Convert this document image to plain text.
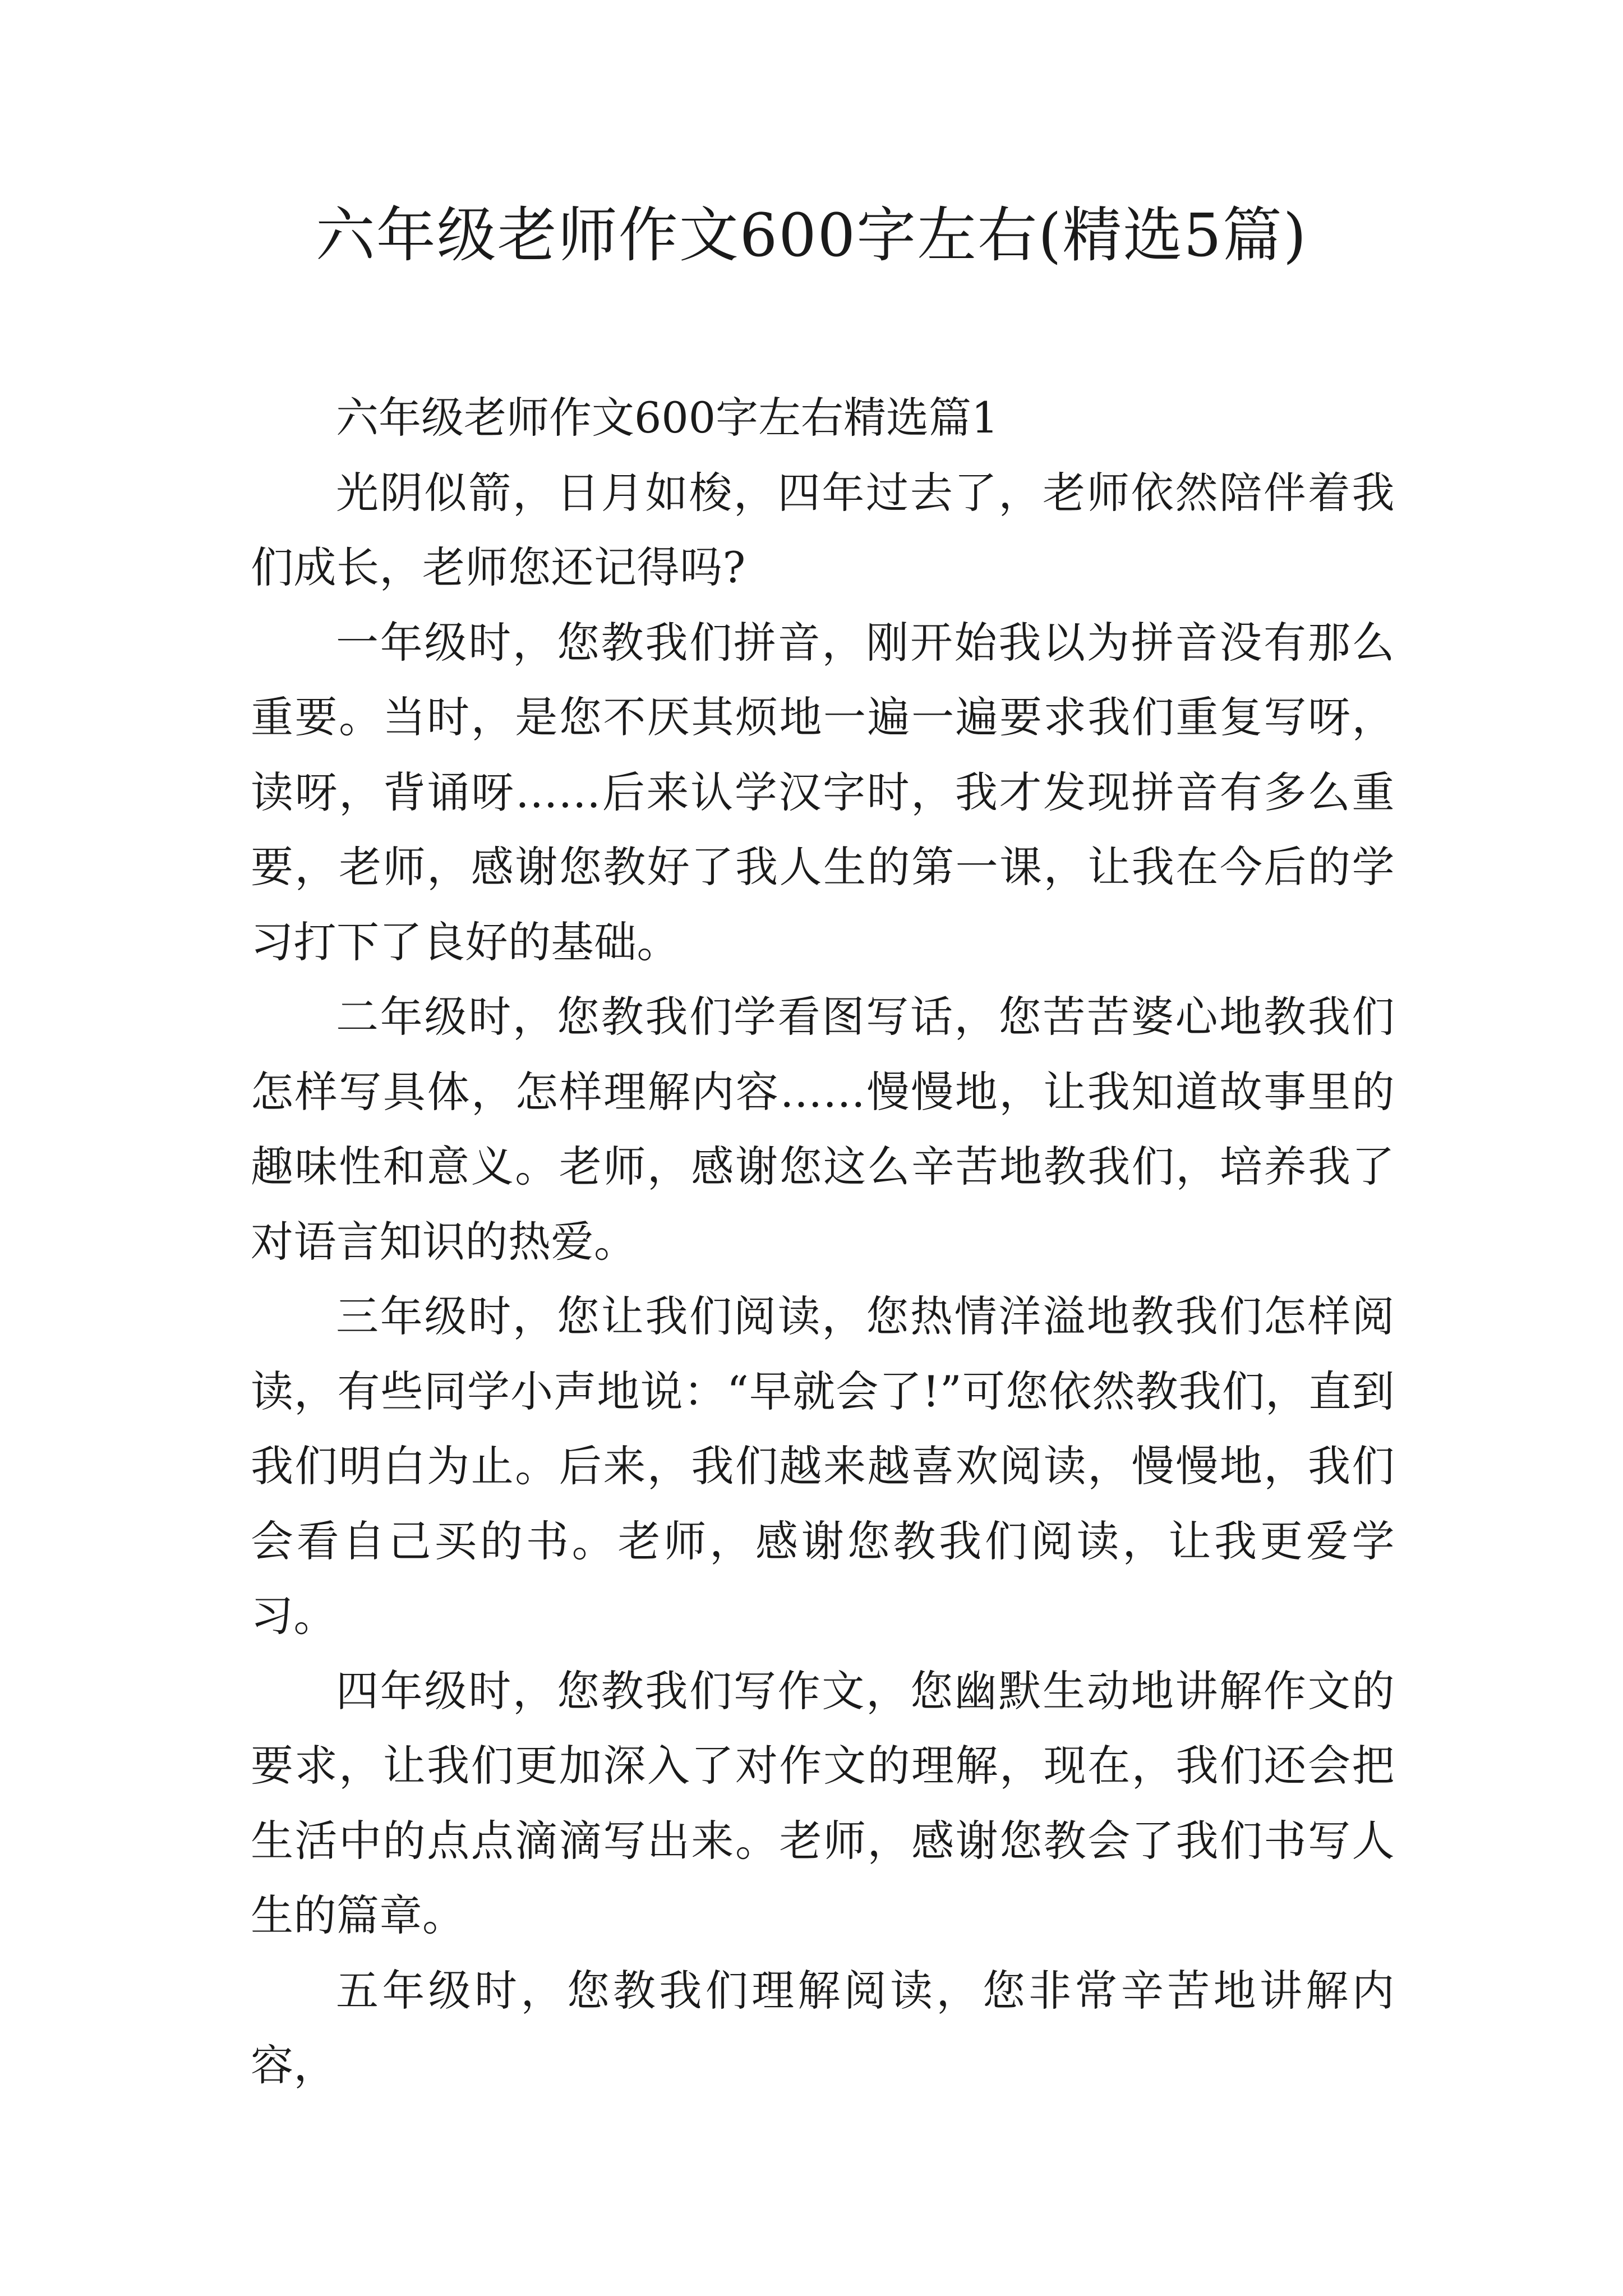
六年级老师作文600字左右(精选5篇)
六年级老师作文600字左右精选篇1

光阴似箭，日月如梭，四年过去了，老师依然陪伴着我们成长，老师您还记得吗?

一年级时，您教我们拼音，刚开始我以为拼音没有那么重要。当时，是您不厌其烦地一遍一遍要求我们重复写呀，读呀，背诵呀……后来认学汉字时，我才发现拼音有多么重要，老师，感谢您教好了我人生的第一课，让我在今后的学习打下了良好的基础。

二年级时，您教我们学看图写话，您苦苦婆心地教我们怎样写具体，怎样理解内容……慢慢地，让我知道故事里的趣味性和意义。老师，感谢您这么辛苦地教我们，培养我了对语言知识的热爱。

三年级时，您让我们阅读，您热情洋溢地教我们怎样阅读，有些同学小声地说：“早就会了!”可您依然教我们，直到我们明白为止。后来，我们越来越喜欢阅读，慢慢地，我们会看自己买的书。老师，感谢您教我们阅读，让我更爱学习。

四年级时，您教我们写作文，您幽默生动地讲解作文的要求，让我们更加深入了对作文的理解，现在，我们还会把生活中的点点滴滴写出来。老师，感谢您教会了我们书写人生的篇章。

五年级时，您教我们理解阅读，您非常辛苦地讲解内容，
